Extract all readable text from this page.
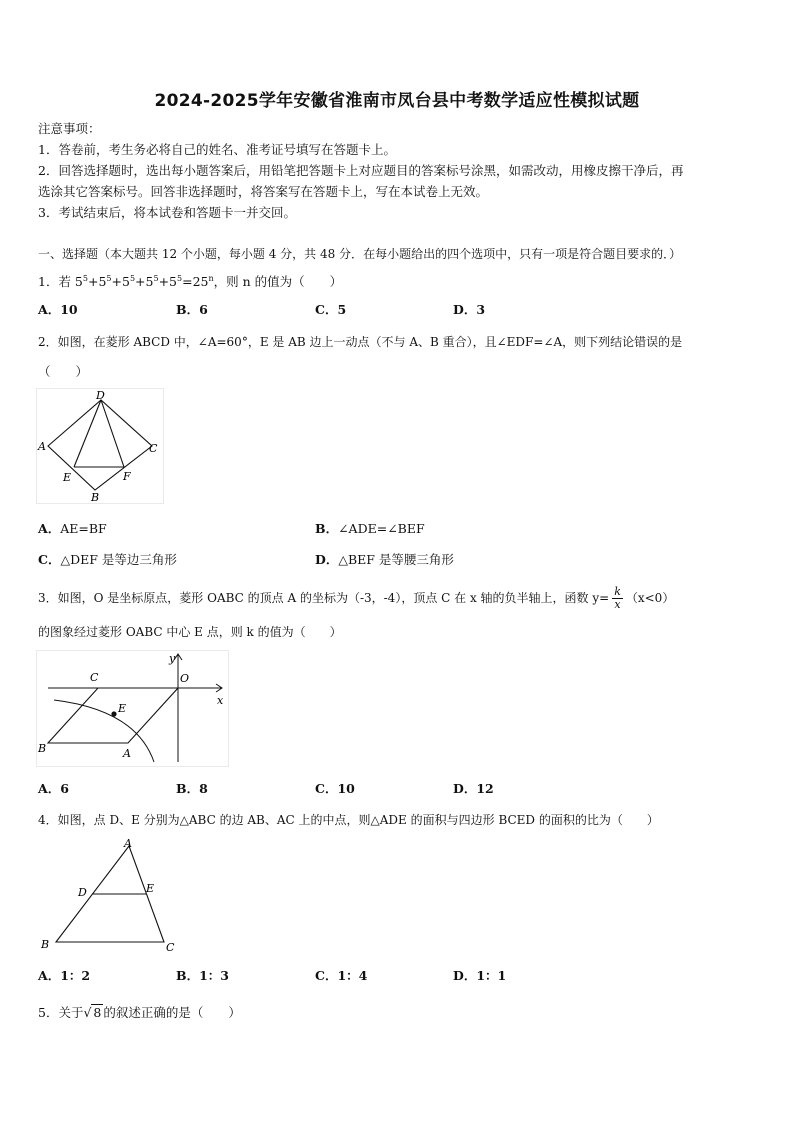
2024-2025学年安徽省淮南市凤台县中考数学适应性模拟试题
注意事项：
1．答卷前，考生务必将自己的姓名、准考证号填写在答题卡上。
2．回答选择题时，选出每小题答案后，用铅笔把答题卡上对应题目的答案标号涂黑，如需改动，用橡皮擦干净后，再
选涂其它答案标号。回答非选择题时，将答案写在答题卡上，写在本试卷上无效。
3．考试结束后，将本试卷和答题卡一并交回。
一、选择题（本大题共 12 个小题，每小题 4 分，共 48 分．在每小题给出的四个选项中，只有一项是符合题目要求的．）
1．若 $5^5+5^5+5^5+5^5+5^5=25^n$，则 n 的值为（　　）
A．10	B．6	C．5	D．3
2．如图，在菱形 ABCD 中，∠A=60°，E 是 AB 边上一动点（不与 A、B 重合），且∠EDF=∠A，则下列结论错误的是
（　　）
D
A	C
E	F
B
A．AE=BF	B．∠ADE=∠BEF
C．△DEF 是等边三角形	D．△BEF 是等腰三角形
3．如图，O 是坐标原点，菱形 OABC 的顶点 A 的坐标为（-3，-4），顶点 C 在 x 轴的负半轴上，函数 $y= \frac{k}{x} (x<0)$
的图象经过菱形 OABC 中心 E 点，则 k 的值为（　　）
y
x
O
C
E
B	A
A．6	B．8	C．10	D．12
4．如图，点 D、E 分别为△ABC 的边 AB、AC 上的中点，则△ADE 的面积与四边形 BCED 的面积的比为（　　）
A
D	E
B	C
A．1：2	B．1：3	C．1：4	D．1：1
5．关于√ 8 的叙述正确的是（　　）
